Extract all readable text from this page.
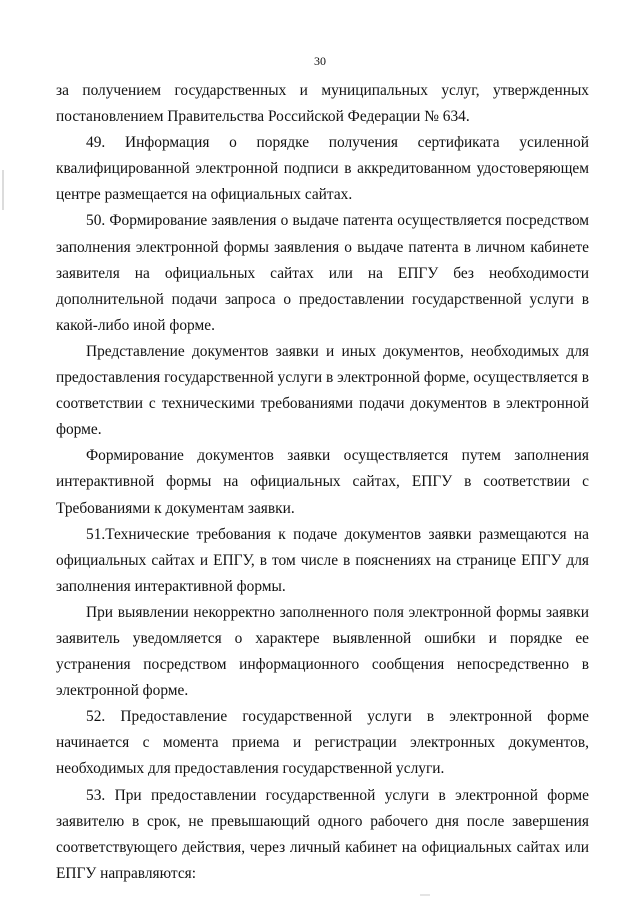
30

за получением государственных и муниципальных услуг, утвержденных постановлением Правительства Российской Федерации № 634.

49. Информация о порядке получения сертификата усиленной квалифицированной электронной подписи в аккредитованном удостоверяющем центре размещается на официальных сайтах.

50. Формирование заявления о выдаче патента осуществляется посредством заполнения электронной формы заявления о выдаче патента в личном кабинете заявителя на официальных сайтах или на ЕПГУ без необходимости дополнительной подачи запроса о предоставлении государственной услуги в какой-либо иной форме.

Представление документов заявки и иных документов, необходимых для предоставления государственной услуги в электронной форме, осуществляется в соответствии с техническими требованиями подачи документов в электронной форме.

Формирование документов заявки осуществляется путем заполнения интерактивной формы на официальных сайтах, ЕПГУ в соответствии с Требованиями к документам заявки.

51.Технические требования к подаче документов заявки размещаются на официальных сайтах и ЕПГУ, в том числе в пояснениях на странице ЕПГУ для заполнения интерактивной формы.

При выявлении некорректно заполненного поля электронной формы заявки заявитель уведомляется о характере выявленной ошибки и порядке ее устранения посредством информационного сообщения непосредственно в электронной форме.

52. Предоставление государственной услуги в электронной форме начинается с момента приема и регистрации электронных документов, необходимых для предоставления государственной услуги.

53. При предоставлении государственной услуги в электронной форме заявителю в срок, не превышающий одного рабочего дня после завершения соответствующего действия, через личный кабинет на официальных сайтах или ЕПГУ направляются:
